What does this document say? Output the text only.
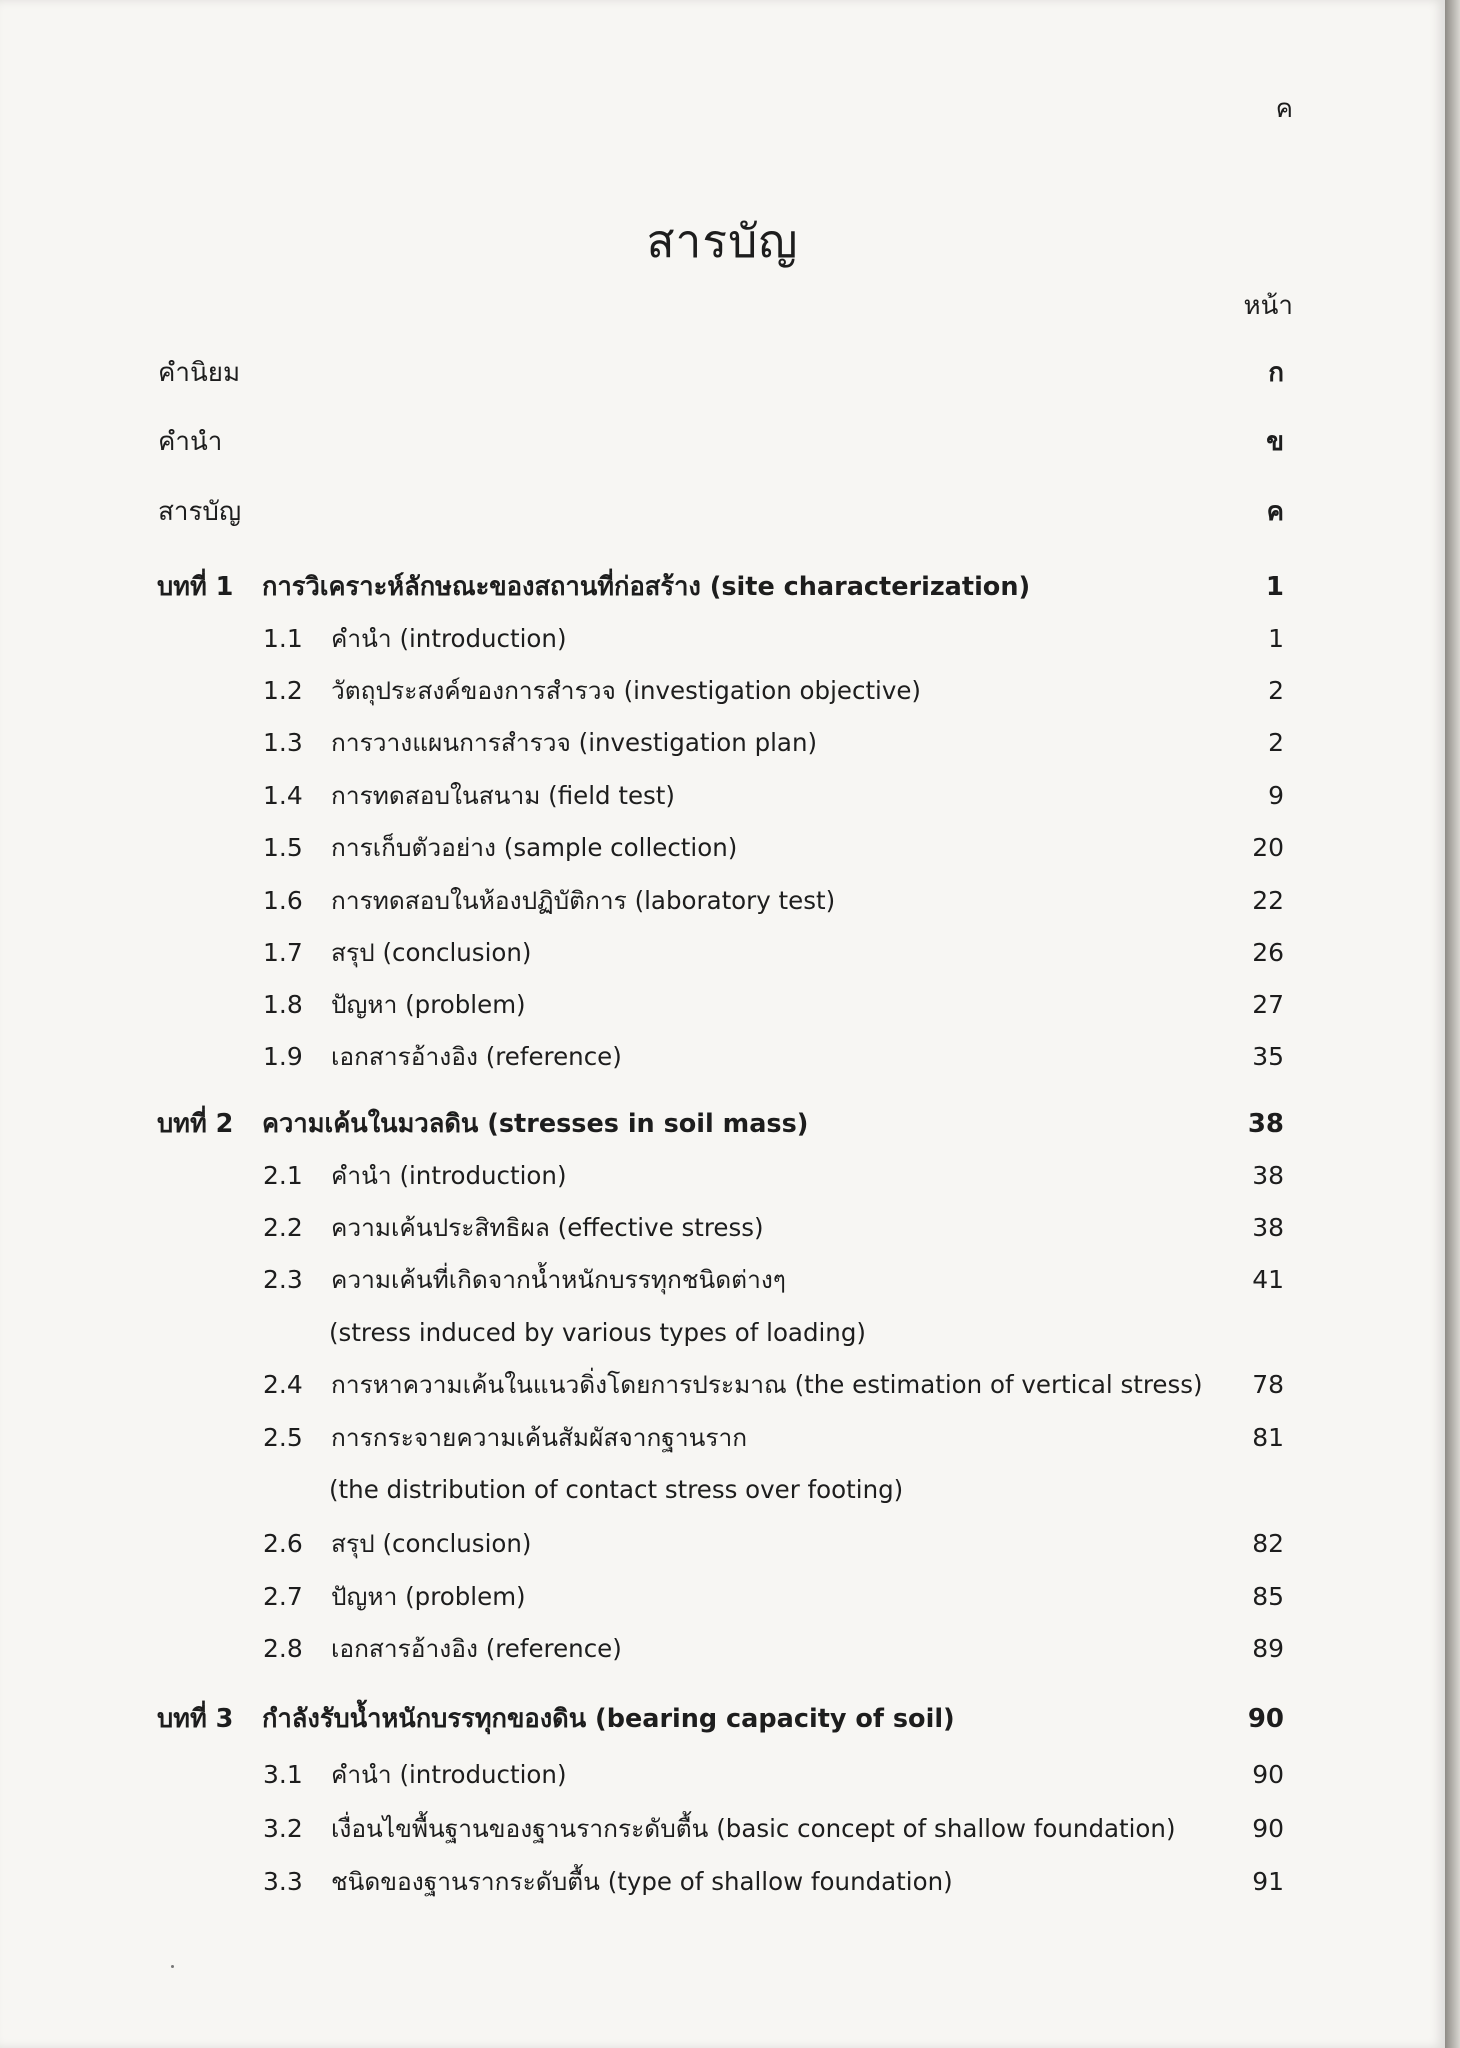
ค
สารบัญ
หน้า
คำนิยม	ก
คำนำ	ข
สารบัญ	ค
บทที่ 1 การวิเคราะห์ลักษณะของสถานที่ก่อสร้าง (site characterization)	1
1.1 คำนำ (introduction)	1
1.2 วัตถุประสงค์ของการสำรวจ (investigation objective)	2
1.3 การวางแผนการสำรวจ (investigation plan)	2
1.4 การทดสอบในสนาม (field test)	9
1.5 การเก็บตัวอย่าง (sample collection)	20
1.6 การทดสอบในห้องปฏิบัติการ (laboratory test)	22
1.7 สรุป (conclusion)	26
1.8 ปัญหา (problem)	27
1.9 เอกสารอ้างอิง (reference)	35
บทที่ 2 ความเค้นในมวลดิน (stresses in soil mass)	38
2.1 คำนำ (introduction)	38
2.2 ความเค้นประสิทธิผล (effective stress)	38
2.3 ความเค้นที่เกิดจากน้ำหนักบรรทุกชนิดต่างๆ	41
(stress induced by various types of loading)
2.4 การหาความเค้นในแนวดิ่งโดยการประมาณ (the estimation of vertical stress) 78
2.5 การกระจายความเค้นสัมผัสจากฐานราก	81
(the distribution of contact stress over footing)
2.6 สรุป (conclusion)	82
2.7 ปัญหา (problem)	85
2.8 เอกสารอ้างอิง (reference)	89
บทที่ 3 กำลังรับน้ำหนักบรรทุกของดิน (bearing capacity of soil)	90
3.1 คำนำ (introduction)	90
3.2 เงื่อนไขพื้นฐานของฐานรากระดับตื้น (basic concept of shallow foundation)	90
3.3 ชนิดของฐานรากระดับตื้น (type of shallow foundation)	91
